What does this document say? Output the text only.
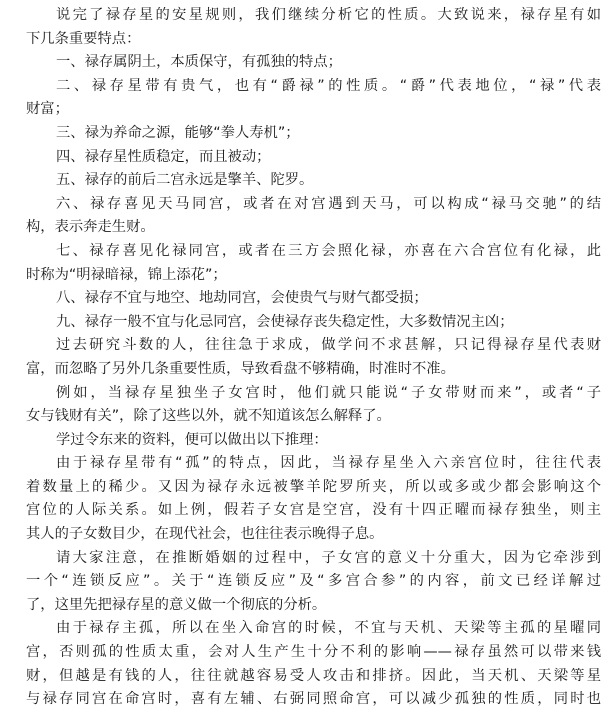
说完了禄存星的安星规则，我们继续分析它的性质。大致说来，禄存星有如
下几条重要特点：
一、禄存属阴土，本质保守，有孤独的特点；
二、禄存星带有贵气，也有“爵禄”的性质。“爵”代表地位，“禄”代表
财富；
三、禄为养命之源，能够“拳人寿机”；
四、禄存星性质稳定，而且被动；
五、禄存的前后二宫永远是擎羊、陀罗。
六、禄存喜见天马同宫，或者在对宫遇到天马，可以构成“禄马交驰”的结
构，表示奔走生财。
七、禄存喜见化禄同宫，或者在三方会照化禄，亦喜在六合宫位有化禄，此
时称为“明禄暗禄，锦上添花”；
八、禄存不宜与地空、地劫同宫，会使贵气与财气都受损；
九、禄存一般不宜与化忌同宫，会使禄存丧失稳定性，大多数情况主凶；
过去研究斗数的人，往往急于求成，做学问不求甚解，只记得禄存星代表财
富，而忽略了另外几条重要性质，导致看盘不够精确，时准时不准。
例如，当禄存星独坐子女宫时，他们就只能说“子女带财而来”，或者“子
女与钱财有关”，除了这些以外，就不知道该怎么解释了。
学过令东来的资料，便可以做出以下推理：
由于禄存星带有“孤”的特点，因此，当禄存星坐入六亲宫位时，往往代表
着数量上的稀少。又因为禄存永远被擎羊陀罗所夹，所以或多或少都会影响这个
宫位的人际关系。如上例，假若子女宫是空宫，没有十四正曜而禄存独坐，则主
其人的子女数目少，在现代社会，也往往表示晚得子息。
请大家注意，在推断婚姻的过程中，子女宫的意义十分重大，因为它牵涉到
一个“连锁反应”。关于“连锁反应”及“多宫合参”的内容，前文已经详解过
了，这里先把禄存星的意义做一个彻底的分析。
由于禄存主孤，所以在坐入命宫的时候，不宜与天机、天梁等主孤的星曜同
宫，否则孤的性质太重，会对人生产生十分不利的影响——禄存虽然可以带来钱
财，但越是有钱的人，往往就越容易受人攻击和排挤。因此，当天机、天梁等星
与禄存同宫在命宫时，喜有左辅、右弼同照命宫，可以减少孤独的性质，同时也
